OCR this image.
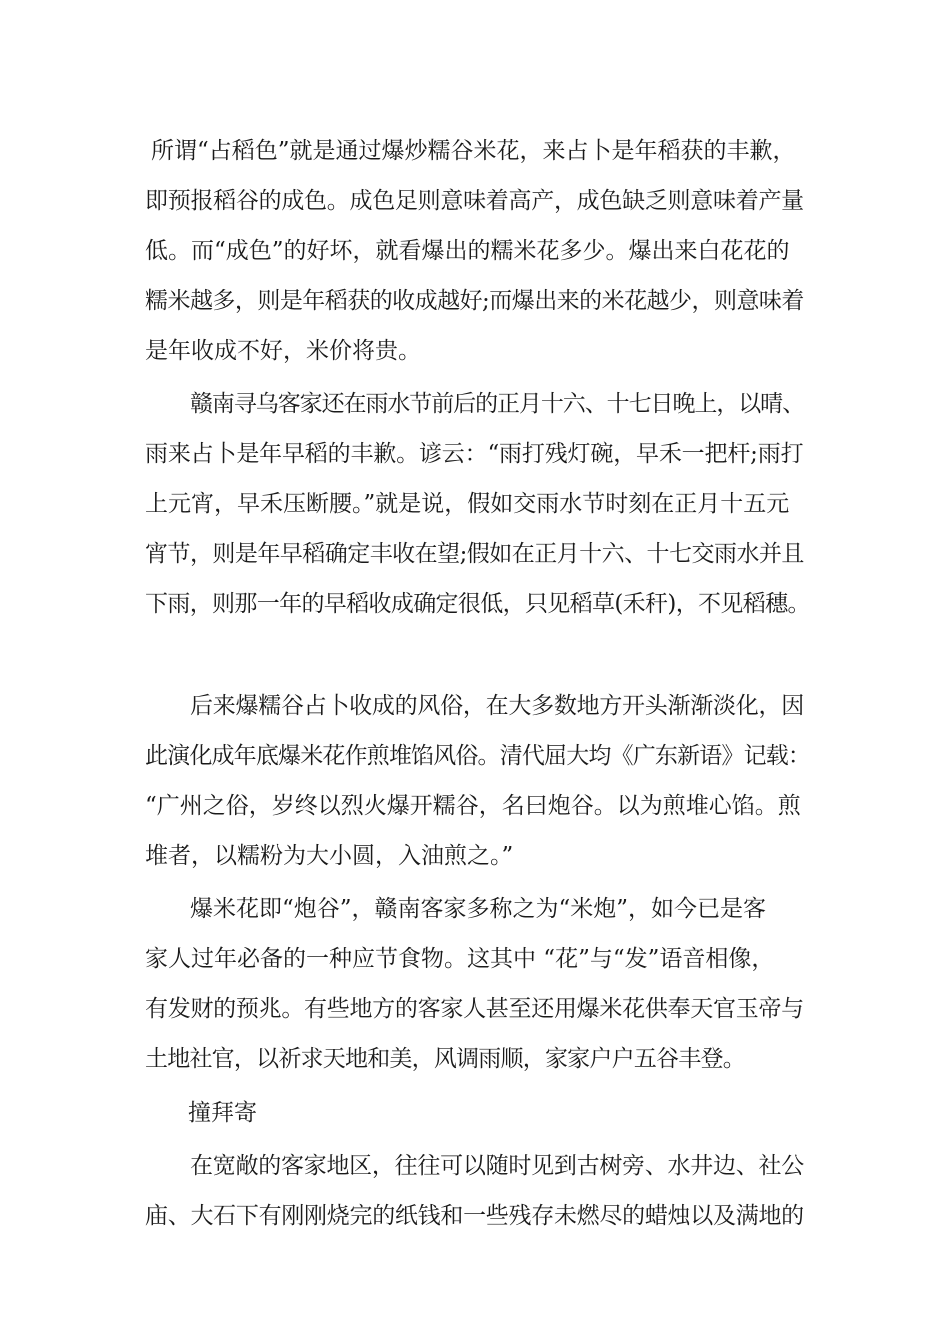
所谓“占稻色”就是通过爆炒糯谷米花，来占卜是年稻获的丰歉，
即预报稻谷的成色。成色足则意味着高产，成色缺乏则意味着产量
低。而“成色”的好坏，就看爆出的糯米花多少。爆出来白花花的
糯米越多，则是年稻获的收成越好;而爆出来的米花越少，则意味着
是年收成不好，米价将贵。
赣南寻乌客家还在雨水节前后的正月十六、十七日晚上，以晴、
雨来占卜是年早稻的丰歉。谚云：“雨打残灯碗，早禾一把杆;雨打
上元宵，早禾压断腰。”就是说，假如交雨水节时刻在正月十五元
宵节，则是年早稻确定丰收在望;假如在正月十六、十七交雨水并且
下雨，则那一年的早稻收成确定很低，只见稻草(禾秆)，不见稻穗。
后来爆糯谷占卜收成的风俗，在大多数地方开头渐渐淡化，因
此演化成年底爆米花作煎堆馅风俗。清代屈大均《广东新语》记载：
“广州之俗，岁终以烈火爆开糯谷，名曰炮谷。以为煎堆心馅。煎
堆者，以糯粉为大小圆，入油煎之。”
爆米花即“炮谷”，赣南客家多称之为“米炮”，如今已是客
家人过年必备的一种应节食物。这其中 “花”与“发”语音相像，
有发财的预兆。有些地方的客家人甚至还用爆米花供奉天官玉帝与
土地社官，以祈求天地和美，风调雨顺，家家户户五谷丰登。
撞拜寄
在宽敞的客家地区，往往可以随时见到古树旁、水井边、社公
庙、大石下有刚刚烧完的纸钱和一些残存未燃尽的蜡烛以及满地的
